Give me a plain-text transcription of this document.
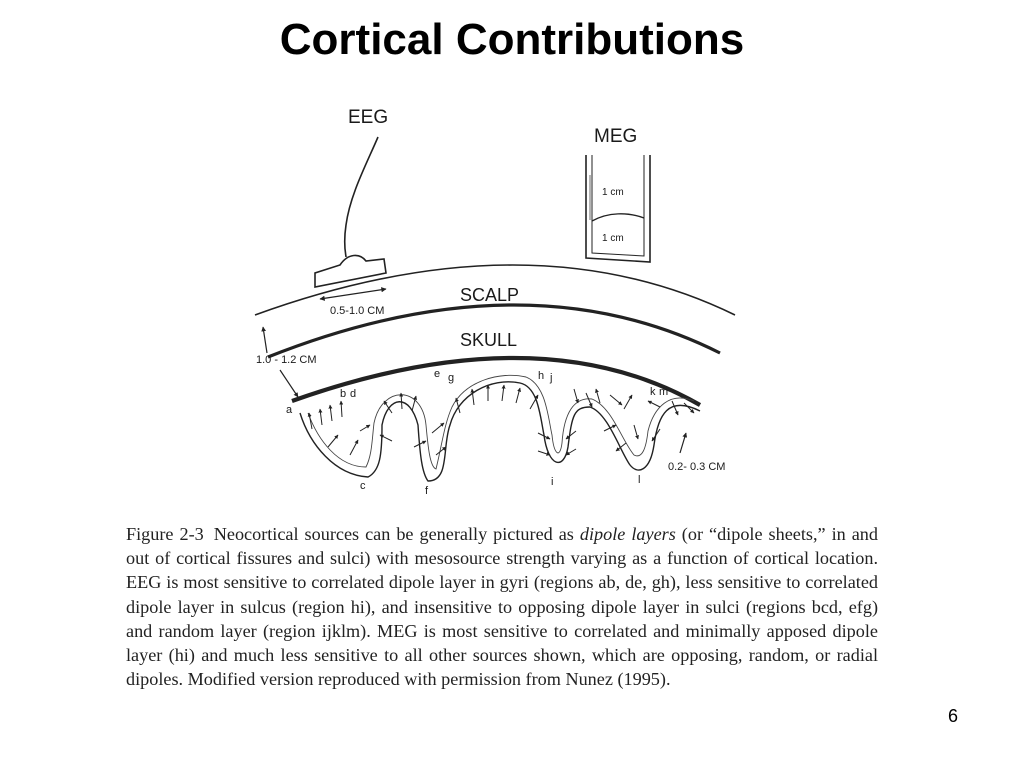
Cortical Contributions
EEG
0.5-1.0 CM
MEG
1 cm
1 cm
SCALP
SKULL
1.0 - 1.2 CM
0.2- 0.3 CM
a
b d
c
e g
f
h j
i
k m
l

Figure 2-3 Neocortical sources can be generally pictured as dipole layers (or “dipole sheets,” in and out of cortical fissures and sulci) with mesosource strength varying as a function of cortical location. EEG is most sensitive to correlated dipole layer in gyri (regions ab, de, gh), less sensitive to correlated dipole layer in sulcus (region hi), and insensitive to opposing dipole layer in sulci (regions bcd, efg) and random layer (region ijklm). MEG is most sensitive to correlated and minimally apposed dipole layer (hi) and much less sensitive to all other sources shown, which are opposing, random, or radial dipoles. Modified version reproduced with permission from Nunez (1995).

6
